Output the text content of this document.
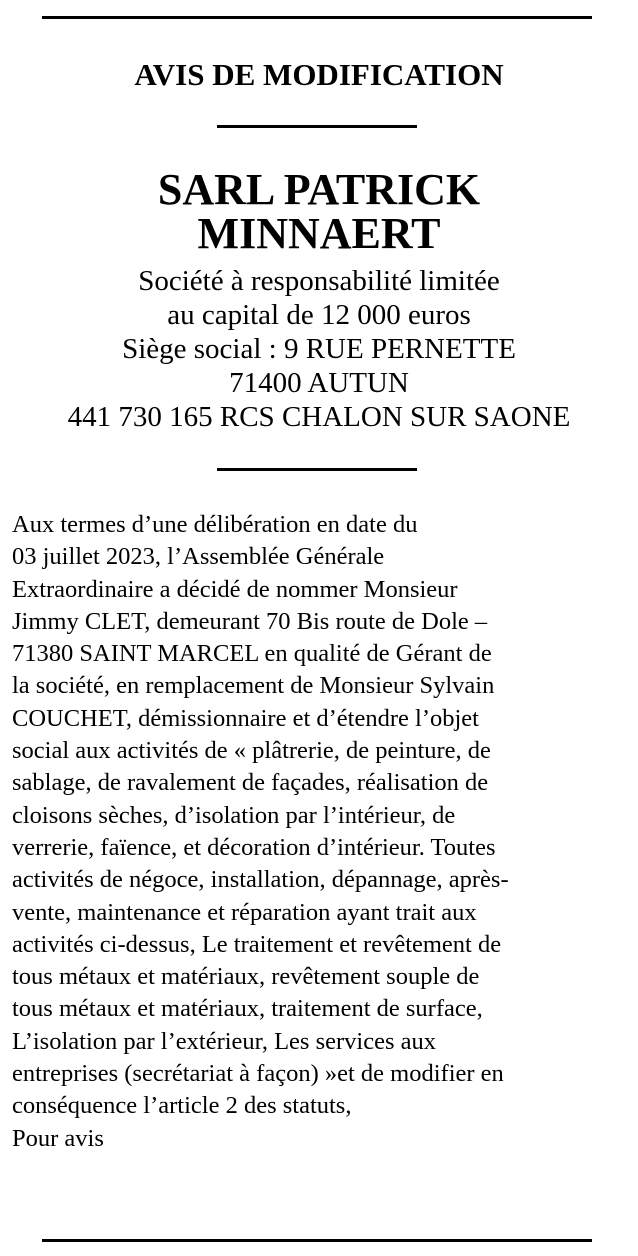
AVIS DE MODIFICATION
SARL PATRICK
MINNAERT
Société à responsabilité limitée
au capital de 12 000 euros
Siège social : 9 RUE PERNETTE
71400 AUTUN
441 730 165 RCS CHALON SUR SAONE
Aux termes d’une délibération en date du
03 juillet 2023, l’Assemblée Générale
Extraordinaire a décidé de nommer Monsieur
Jimmy CLET, demeurant 70 Bis route de Dole –
71380 SAINT MARCEL en qualité de Gérant de
la société, en remplacement de Monsieur Sylvain
COUCHET, démissionnaire et d’étendre l’objet
social aux activités de « plâtrerie, de peinture, de
sablage, de ravalement de façades, réalisation de
cloisons sèches, d’isolation par l’intérieur, de
verrerie, faïence, et décoration d’intérieur. Toutes
activités de négoce, installation, dépannage, après-
vente, maintenance et réparation ayant trait aux
activités ci-dessus, Le traitement et revêtement de
tous métaux et matériaux, revêtement souple de
tous métaux et matériaux, traitement de surface,
L’isolation par l’extérieur, Les services aux
entreprises (secrétariat à façon) »et de modifier en
conséquence l’article 2 des statuts,
Pour avis
